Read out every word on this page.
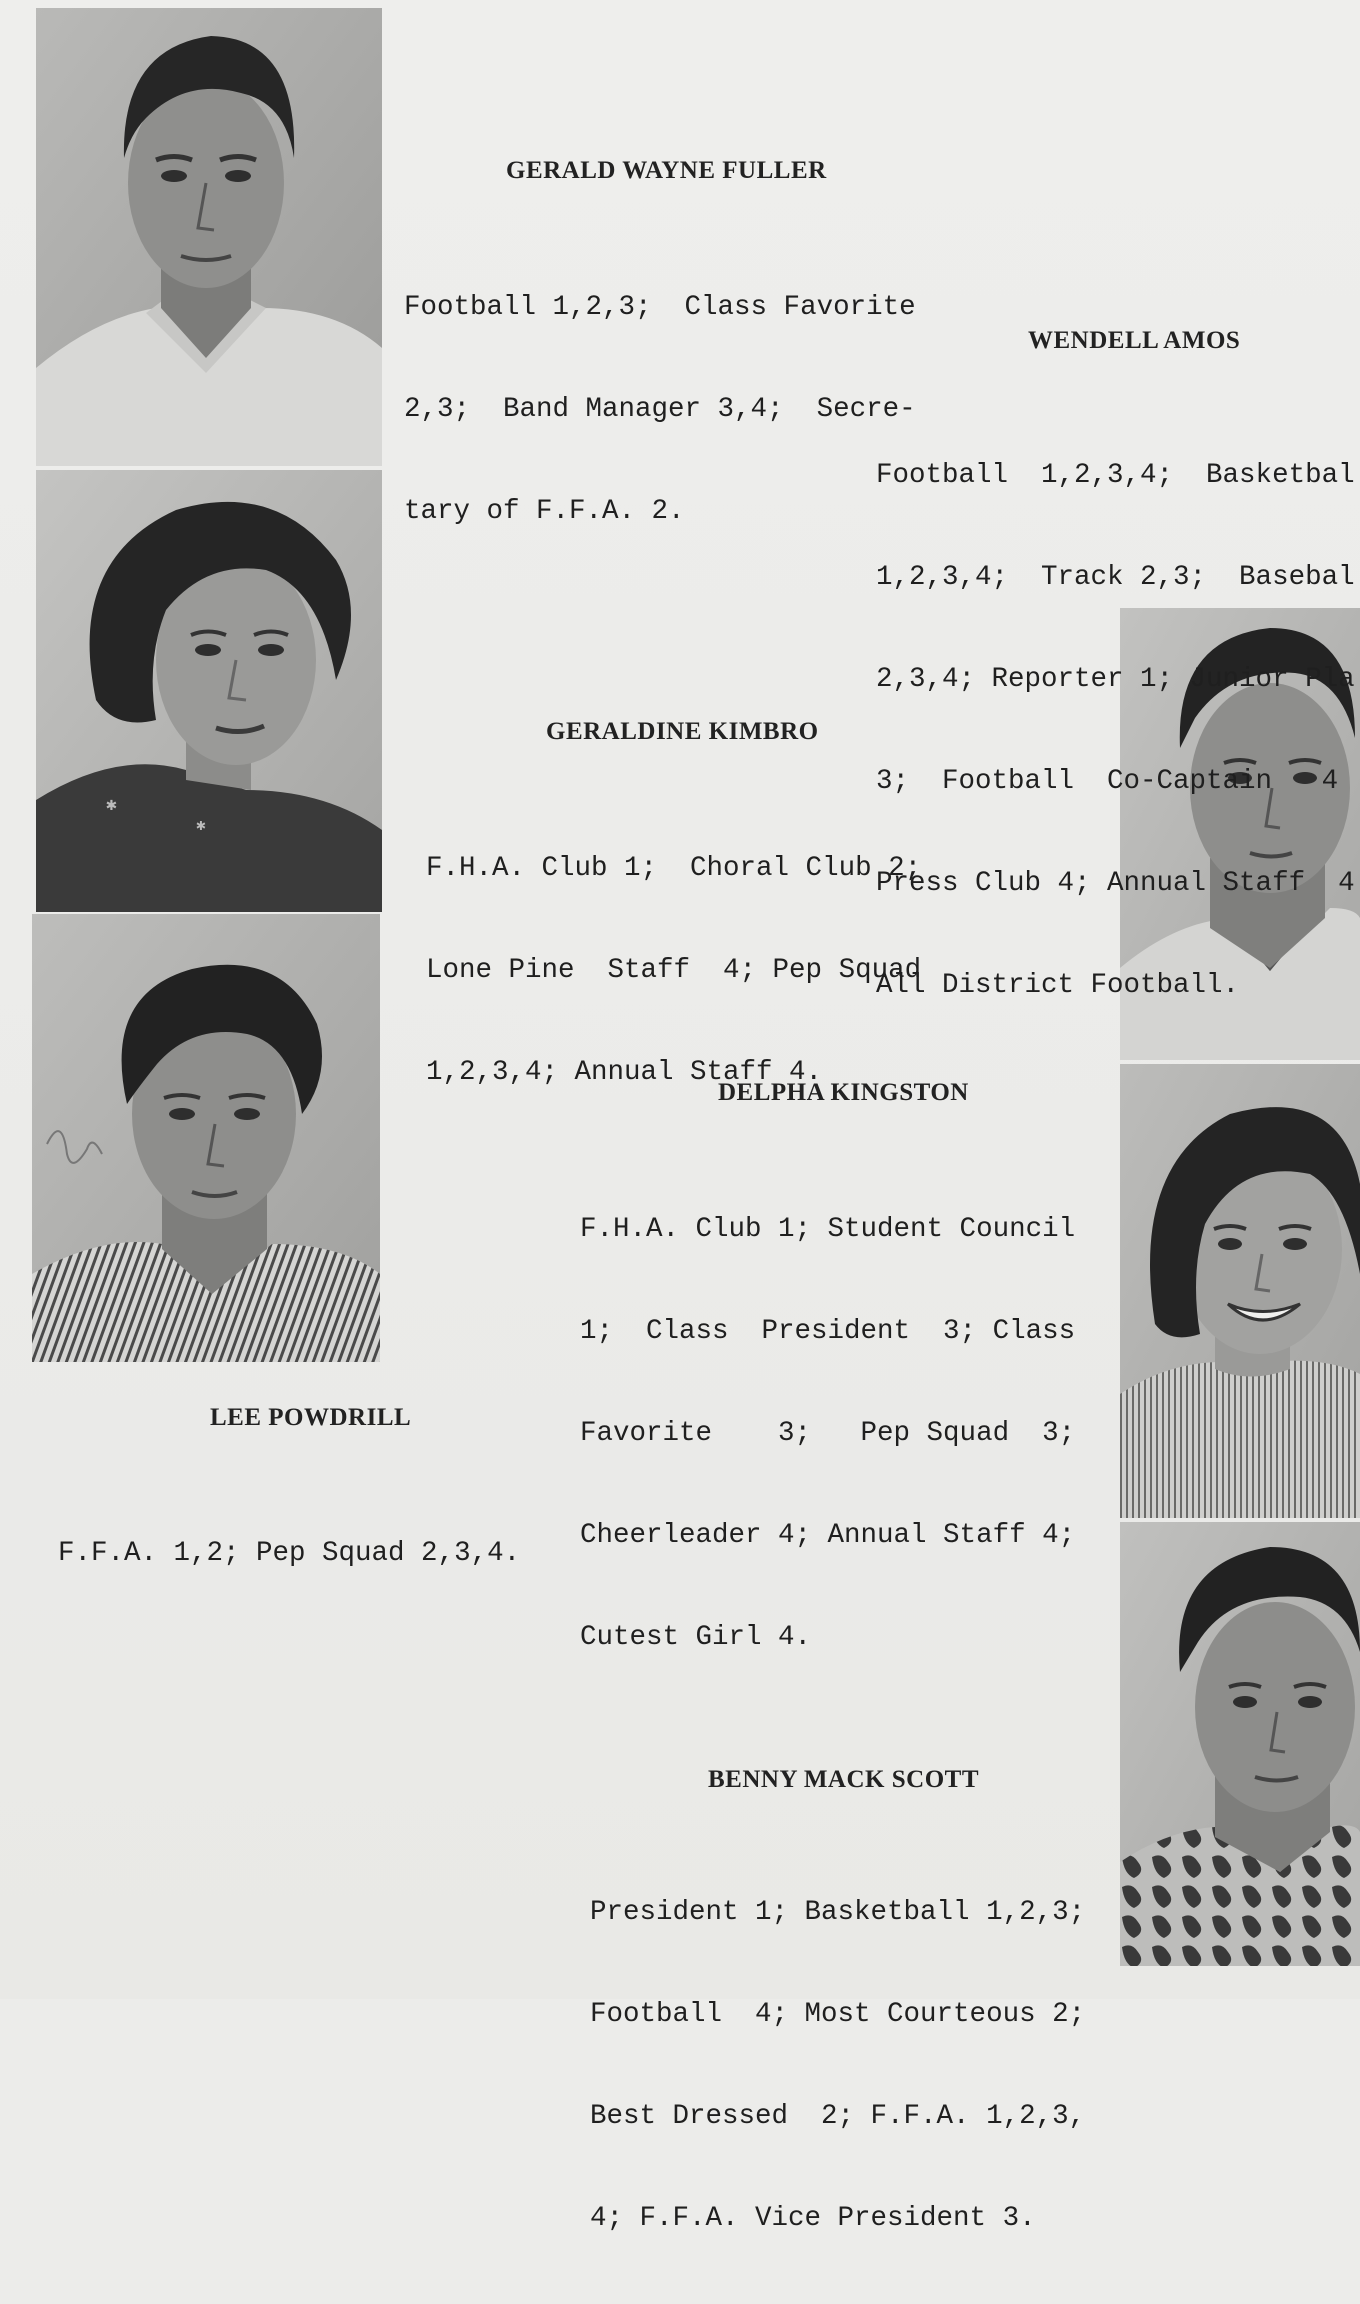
✱
✱
GERALD WAYNE FULLER

Football 1,2,3;  Class Favorite

2,3;  Band Manager 3,4;  Secre-

tary of F.F.A. 2.

WENDELL AMOS

Football  1,2,3,4;  Basketbal

1,2,3,4;  Track 2,3;  Basebal

2,3,4; Reporter 1; Junior Pla

3;  Football  Co-Captain   4

Press Club 4; Annual Staff  4

All District Football.

GERALDINE KIMBRO

F.H.A. Club 1;  Choral Club 2;

Lone Pine  Staff  4; Pep Squad

1,2,3,4; Annual Staff 4.

DELPHA KINGSTON

F.H.A. Club 1; Student Council

1;  Class  President  3; Class

Favorite    3;   Pep Squad  3;

Cheerleader 4; Annual Staff 4;

Cutest Girl 4.

LEE POWDRILL

F.F.A. 1,2; Pep Squad 2,3,4.

BENNY MACK SCOTT

President 1; Basketball 1,2,3;

Football  4; Most Courteous 2;

Best Dressed  2; F.F.A. 1,2,3,

4; F.F.A. Vice President 3.
